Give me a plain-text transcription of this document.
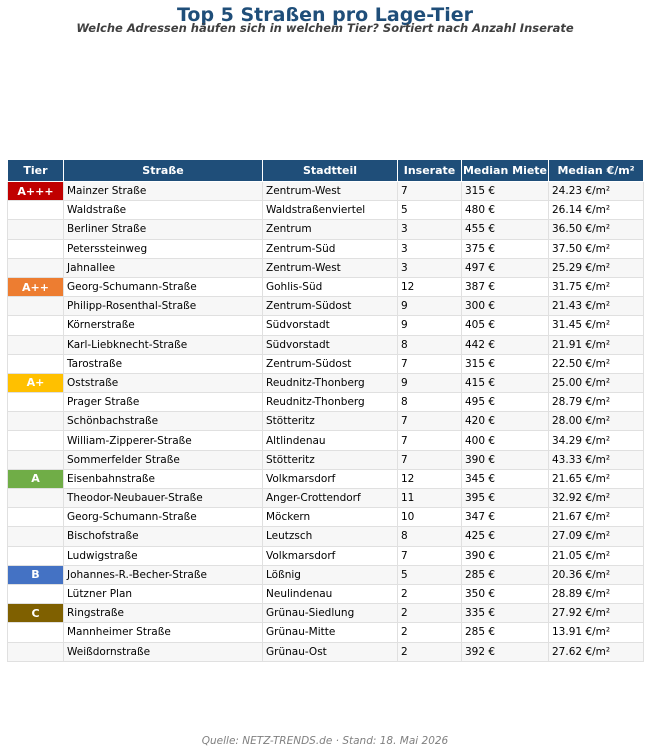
Top 5 Straßen pro Lage-Tier
Welche Adressen häufen sich in welchem Tier? Sortiert nach Anzahl Inserate
Tier	Straße	Stadtteil	Inserate	Median Miete	Median €/m²
A+++	Mainzer Straße	Zentrum-West	7	315 €	24.23 €/m²
	Waldstraße	Waldstraßenviertel	5	480 €	26.14 €/m²
	Berliner Straße	Zentrum	3	455 €	36.50 €/m²
	Peterssteinweg	Zentrum-Süd	3	375 €	37.50 €/m²
	Jahnallee	Zentrum-West	3	497 €	25.29 €/m²
A++	Georg-Schumann-Straße	Gohlis-Süd	12	387 €	31.75 €/m²
	Philipp-Rosenthal-Straße	Zentrum-Südost	9	300 €	21.43 €/m²
	Körnerstraße	Südvorstadt	9	405 €	31.45 €/m²
	Karl-Liebknecht-Straße	Südvorstadt	8	442 €	21.91 €/m²
	Tarostraße	Zentrum-Südost	7	315 €	22.50 €/m²
A+	Oststraße	Reudnitz-Thonberg	9	415 €	25.00 €/m²
	Prager Straße	Reudnitz-Thonberg	8	495 €	28.79 €/m²
	Schönbachstraße	Stötteritz	7	420 €	28.00 €/m²
	William-Zipperer-Straße	Altlindenau	7	400 €	34.29 €/m²
	Sommerfelder Straße	Stötteritz	7	390 €	43.33 €/m²
A	Eisenbahnstraße	Volkmarsdorf	12	345 €	21.65 €/m²
	Theodor-Neubauer-Straße	Anger-Crottendorf	11	395 €	32.92 €/m²
	Georg-Schumann-Straße	Möckern	10	347 €	21.67 €/m²
	Bischofstraße	Leutzsch	8	425 €	27.09 €/m²
	Ludwigstraße	Volkmarsdorf	7	390 €	21.05 €/m²
B	Johannes-R.-Becher-Straße	Lößnig	5	285 €	20.36 €/m²
	Lützner Plan	Neulindenau	2	350 €	28.89 €/m²
C	Ringstraße	Grünau-Siedlung	2	335 €	27.92 €/m²
	Mannheimer Straße	Grünau-Mitte	2	285 €	13.91 €/m²
	Weißdornstraße	Grünau-Ost	2	392 €	27.62 €/m²
Quelle: NETZ-TRENDS.de · Stand: 18. Mai 2026
